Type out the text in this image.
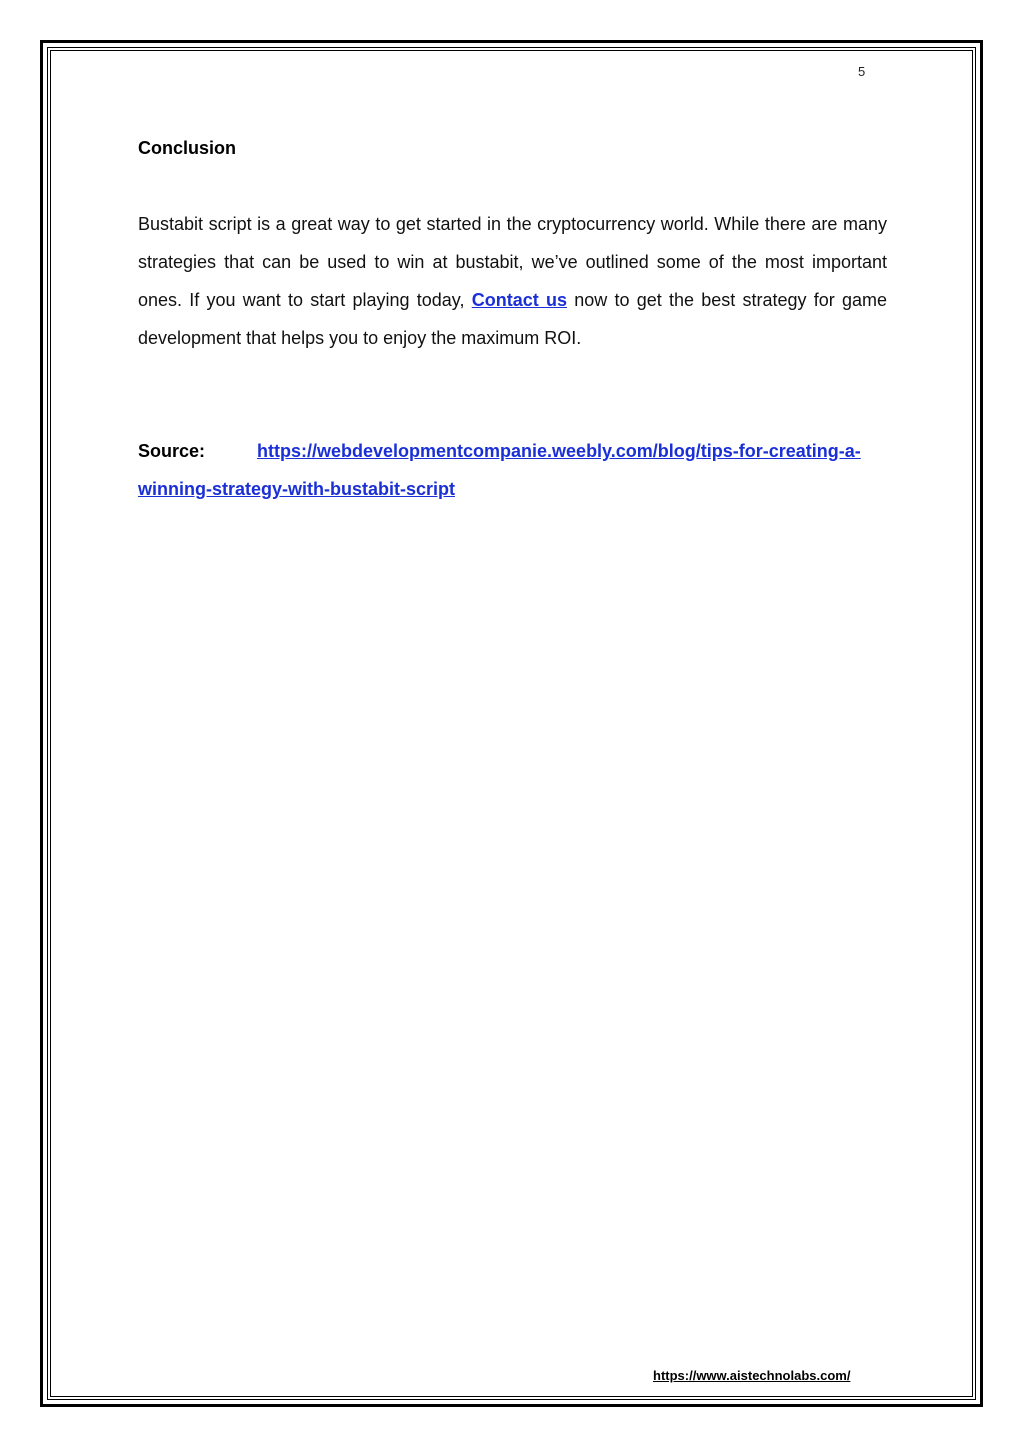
5
Conclusion
Bustabit script is a great way to get started in the cryptocurrency world. While there are many strategies that can be used to win at bustabit, we’ve outlined some of the most important ones. If you want to start playing today, Contact us now to get the best strategy for game development that helps you to enjoy the maximum ROI.
Source:	https://webdevelopmentcompanie.weebly.com/blog/tips-for-creating-a-winning-strategy-with-bustabit-script
https://www.aistechnolabs.com/
